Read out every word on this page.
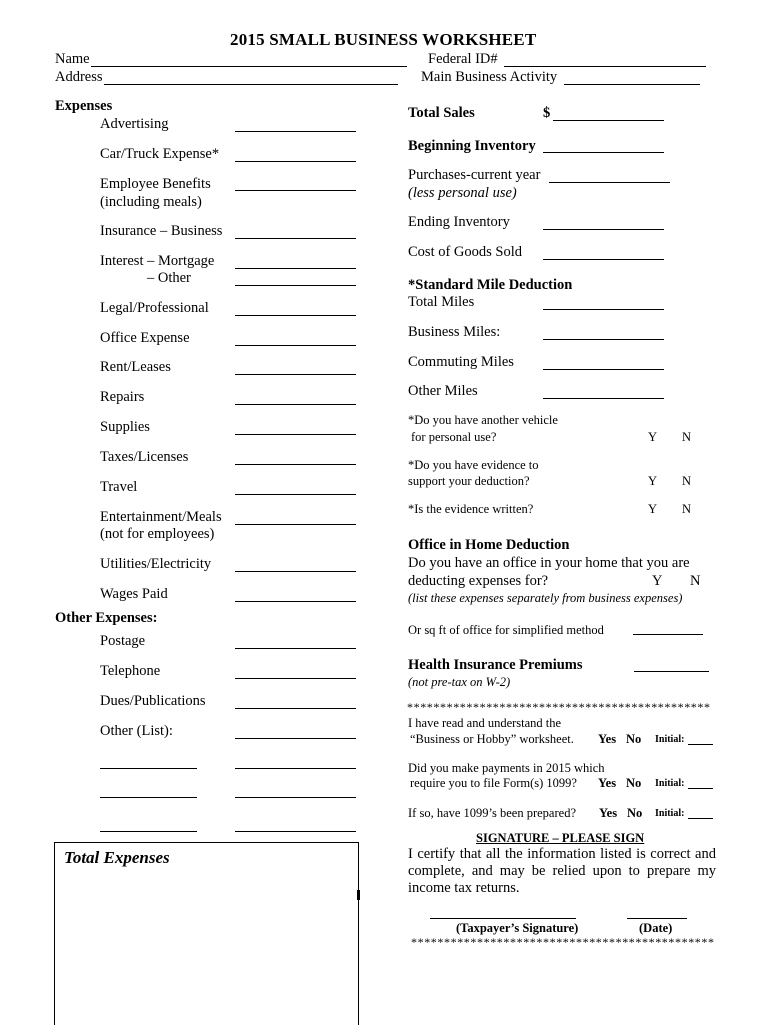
2015 SMALL BUSINESS WORKSHEET
Name
Address
Federal ID#
Main Business Activity
Expenses
Advertising
Car/Truck Expense*
Employee Benefits
(including meals)
Insurance – Business
Interest – Mortgage
– Other
Legal/Professional
Office Expense
Rent/Leases
Repairs
Supplies
Taxes/Licenses
Travel
Entertainment/Meals
(not for employees)
Utilities/Electricity
Wages Paid
Other Expenses:
Postage
Telephone
Dues/Publications
Other (List):
Total Expenses
Total Sales	$
Beginning Inventory
Purchases-current year
(less personal use)
Ending Inventory
Cost of Goods Sold
*Standard Mile Deduction
Total Miles
Business Miles:
Commuting Miles
Other Miles
*Do you have another vehicle
for personal use?	Y N
*Do you have evidence to
support your deduction?	Y N
*Is the evidence written?	Y N
Office in Home Deduction
Do you have an office in your home that you are
deducting expenses for?	Y N
(list these expenses separately from business expenses)
Or sq ft of office for simplified method
Health Insurance Premiums
(not pre-tax on W-2)
**********************************************
I have read and understand the
“Business or Hobby” worksheet. Yes No Initial:
Did you make payments in 2015 which
require you to file Form(s) 1099? Yes No Initial:
If so, have 1099’s been prepared? Yes No Initial:
SIGNATURE – PLEASE SIGN
I certify that all the information listed is correct and complete, and may be relied upon to prepare my income tax returns.
(Taxpayer’s Signature)	(Date)
**********************************************
